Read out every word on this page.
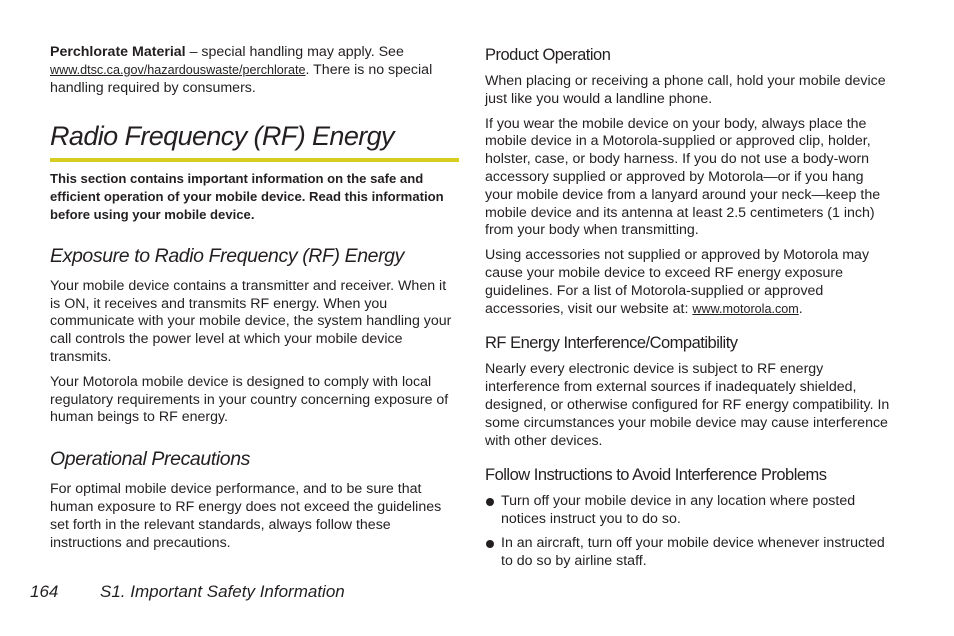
Perchlorate Material – special handling may apply. See www.dtsc.ca.gov/hazardouswaste/perchlorate. There is no special handling required by consumers.

Radio Frequency (RF) Energy

This section contains important information on the safe and efficient operation of your mobile device. Read this information before using your mobile device.

Exposure to Radio Frequency (RF) Energy

Your mobile device contains a transmitter and receiver. When it is ON, it receives and transmits RF energy. When you communicate with your mobile device, the system handling your call controls the power level at which your mobile device transmits.

Your Motorola mobile device is designed to comply with local regulatory requirements in your country concerning exposure of human beings to RF energy.

Operational Precautions

For optimal mobile device performance, and to be sure that human exposure to RF energy does not exceed the guidelines set forth in the relevant standards, always follow these instructions and precautions.

Product Operation

When placing or receiving a phone call, hold your mobile device just like you would a landline phone.

If you wear the mobile device on your body, always place the mobile device in a Motorola-supplied or approved clip, holder, holster, case, or body harness. If you do not use a body-worn accessory supplied or approved by Motorola—or if you hang your mobile device from a lanyard around your neck—keep the mobile device and its antenna at least 2.5 centimeters (1 inch) from your body when transmitting.

Using accessories not supplied or approved by Motorola may cause your mobile device to exceed RF energy exposure guidelines. For a list of Motorola-supplied or approved accessories, visit our website at: www.motorola.com.

RF Energy Interference/Compatibility

Nearly every electronic device is subject to RF energy interference from external sources if inadequately shielded, designed, or otherwise configured for RF energy compatibility. In some circumstances your mobile device may cause interference with other devices.

Follow Instructions to Avoid Interference Problems
Turn off your mobile device in any location where posted notices instruct you to do so.
In an aircraft, turn off your mobile device whenever instructed to do so by airline staff.
164 S1. Important Safety Information
